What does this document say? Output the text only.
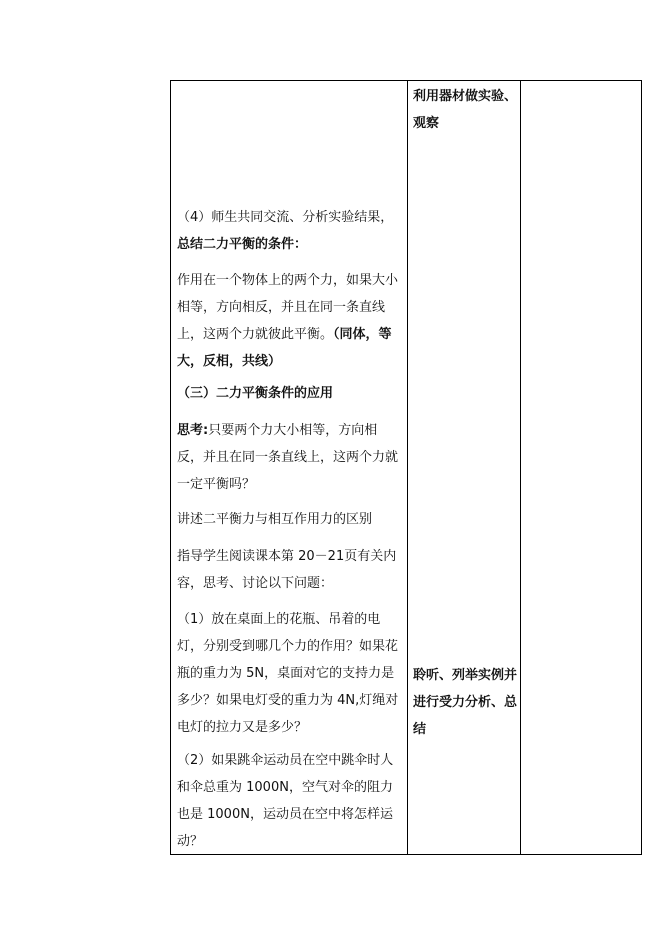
（4）师生共同交流、分析实验结果，
总结二力平衡的条件：

作用在一个物体上的两个力，如果大小相等，方向相反，并且在同一条直线上，这两个力就彼此平衡。（同体，等大，反相，共线）

（三）二力平衡条件的应用

思考:只要两个力大小相等，方向相反，并且在同一条直线上，这两个力就一定平衡吗？

讲述二平衡力与相互作用力的区别

指导学生阅读课本第 20－21页有关内容，思考、讨论以下问题：

（1）放在桌面上的花瓶、吊着的电灯，分别受到哪几个力的作用？如果花瓶的重力为 5N，桌面对它的支持力是多少？如果电灯受的重力为 4N,灯绳对电灯的拉力又是多少？

（2）如果跳伞运动员在空中跳伞时人和伞总重为 1000N，空气对伞的阻力也是 1000N，运动员在空中将怎样运动？

利用器材做实验、观察

聆听、列举实例并进行受力分析、总结
